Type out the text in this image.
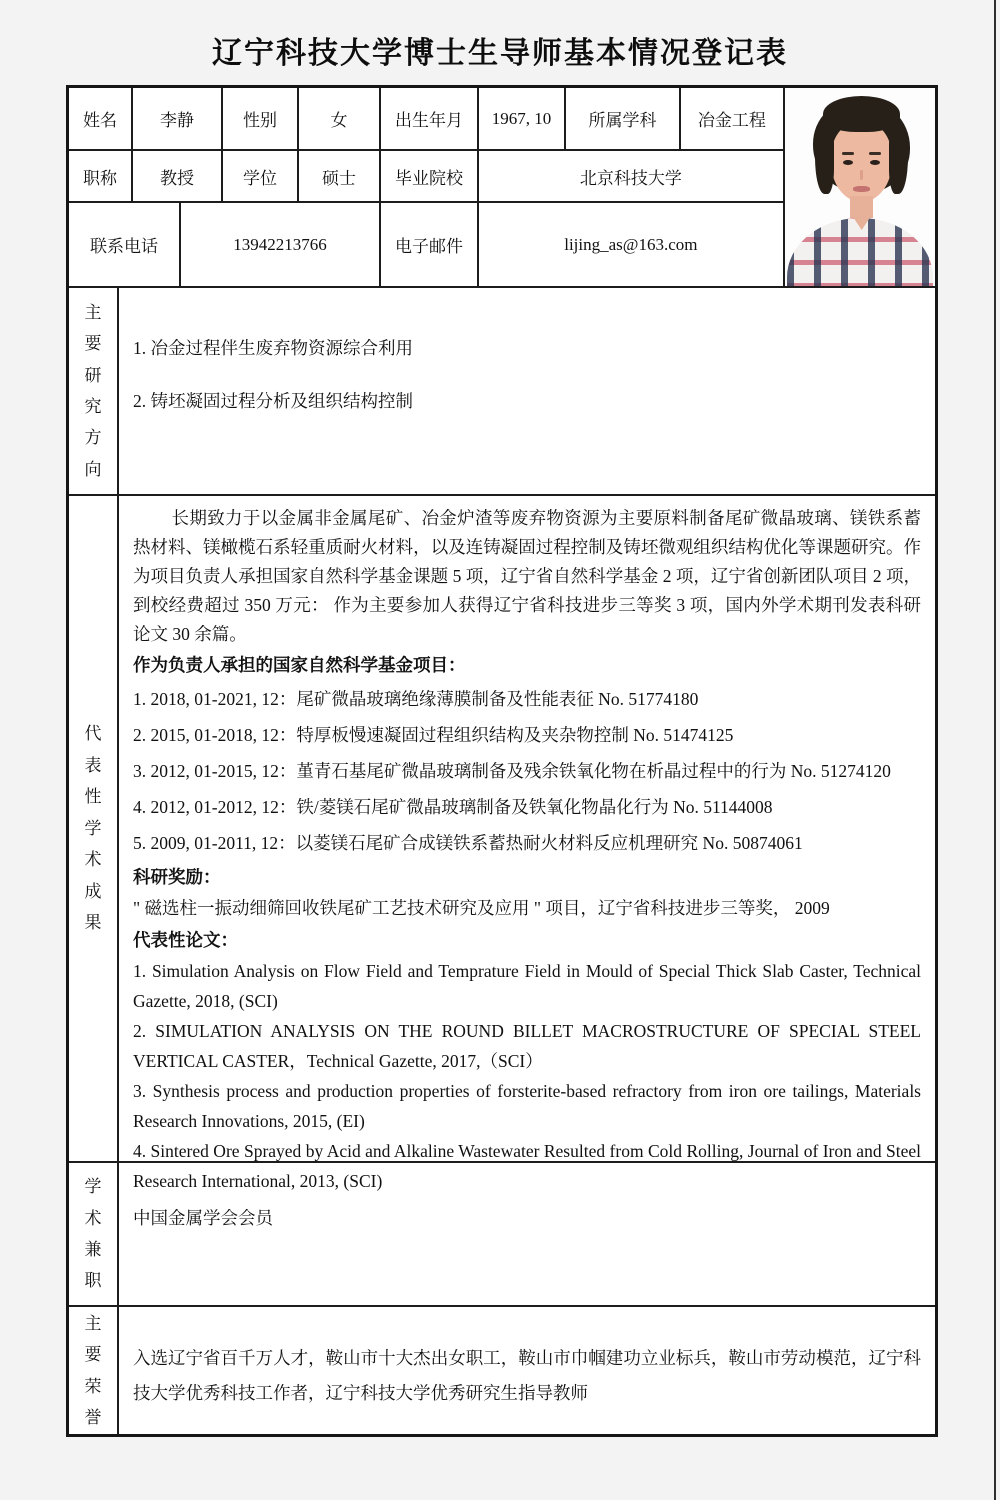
辽宁科技大学博士生导师基本情况登记表
姓名	李静	性别	女	出生年月	1967, 10	所属学科	冶金工程
职称	教授	学位	硕士	毕业院校	北京科技大学
联系电话	13942213766	电子邮件	lijing_as@163.com
主要研究方向
1. 冶金过程伴生废弃物资源综合利用
2. 铸坯凝固过程分析及组织结构控制
代表性学术成果

长期致力于以金属非金属尾矿、冶金炉渣等废弃物资源为主要原料制备尾矿微晶玻璃、镁铁系蓄热材料、镁橄榄石系轻重质耐火材料，以及连铸凝固过程控制及铸坯微观组织结构优化等课题研究。作为项目负责人承担国家自然科学基金课题 5 项，辽宁省自然科学基金 2 项，辽宁省创新团队项目 2 项，到校经费超过 350 万元： 作为主要参加人获得辽宁省科技进步三等奖 3 项，国内外学术期刊发表科研论文 30 余篇。

作为负责人承担的国家自然科学基金项目：
1. 2018, 01-2021, 12：尾矿微晶玻璃绝缘薄膜制备及性能表征 No. 51774180
2. 2015, 01-2018, 12：特厚板慢速凝固过程组织结构及夹杂物控制 No. 51474125
3. 2012, 01-2015, 12：堇青石基尾矿微晶玻璃制备及残余铁氧化物在析晶过程中的行为 No. 51274120
4. 2012, 01-2012, 12：铁/菱镁石尾矿微晶玻璃制备及铁氧化物晶化行为 No. 51144008
5. 2009, 01-2011, 12：以菱镁石尾矿合成镁铁系蓄热耐火材料反应机理研究 No. 50874061
科研奖励：
" 磁选柱一振动细筛回收铁尾矿工艺技术研究及应用 " 项目，辽宁省科技进步三等奖， 2009
代表性论文：
1. Simulation Analysis on Flow Field and Temprature Field in Mould of Special Thick Slab Caster, Technical Gazette, 2018, (SCI)
2. SIMULATION ANALYSIS ON THE ROUND BILLET MACROSTRUCTURE OF SPECIAL STEEL VERTICAL CASTER，Technical Gazette, 2017,（SCI）
3. Synthesis process and production properties of forsterite-based refractory from iron ore tailings, Materials Research Innovations, 2015, (EI)
4. Sintered Ore Sprayed by Acid and Alkaline Wastewater Resulted from Cold Rolling, Journal of Iron and Steel Research International, 2013, (SCI)
学术兼职
中国金属学会会员
主要荣誉
入选辽宁省百千万人才，鞍山市十大杰出女职工，鞍山市巾帼建功立业标兵，鞍山市劳动模范，辽宁科技大学优秀科技工作者，辽宁科技大学优秀研究生指导教师
